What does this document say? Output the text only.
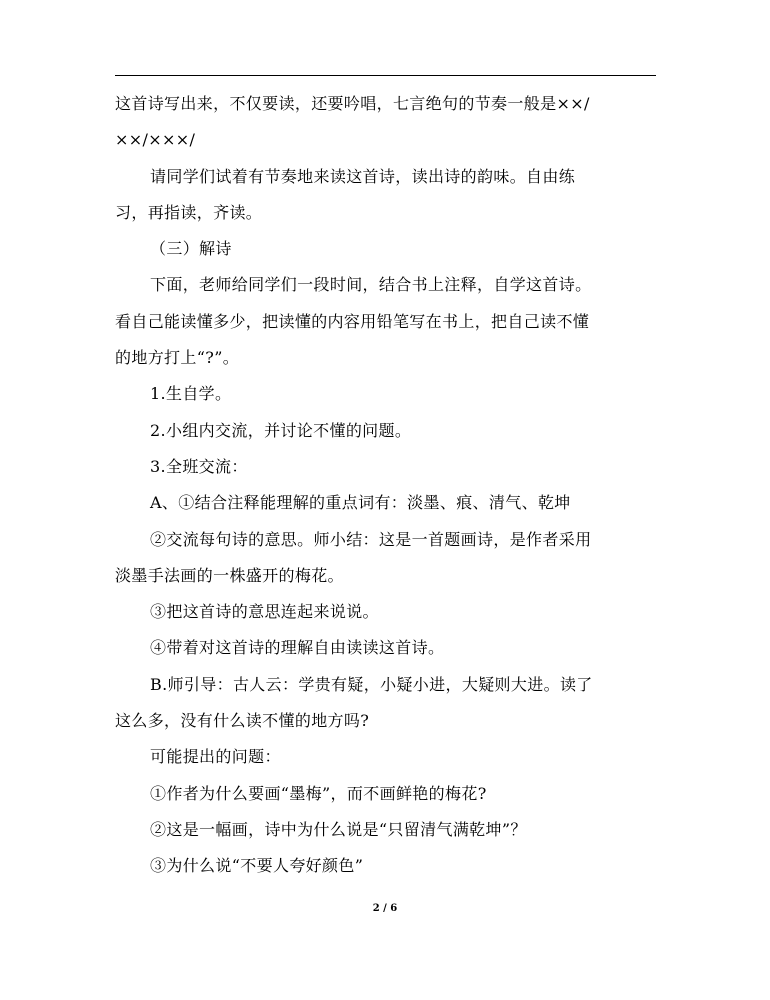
这首诗写出来，不仅要读，还要吟唱，七言绝句的节奏一般是××/
××/×××/
请同学们试着有节奏地来读这首诗，读出诗的韵味。自由练
习，再指读，齐读。
（三）解诗
下面，老师给同学们一段时间，结合书上注释，自学这首诗。
看自己能读懂多少，把读懂的内容用铅笔写在书上，把自己读不懂
的地方打上“?”。
1.生自学。
2.小组内交流，并讨论不懂的问题。
3.全班交流：
A、①结合注释能理解的重点词有：淡墨、痕、清气、乾坤
②交流每句诗的意思。师小结：这是一首题画诗，是作者采用
淡墨手法画的一株盛开的梅花。
③把这首诗的意思连起来说说。
④带着对这首诗的理解自由读读这首诗。
B.师引导：古人云：学贵有疑，小疑小进，大疑则大进。读了
这么多，没有什么读不懂的地方吗?
可能提出的问题：
①作者为什么要画“墨梅”，而不画鲜艳的梅花?
②这是一幅画，诗中为什么说是“只留清气满乾坤”？
③为什么说“不要人夸好颜色”
2 / 6
